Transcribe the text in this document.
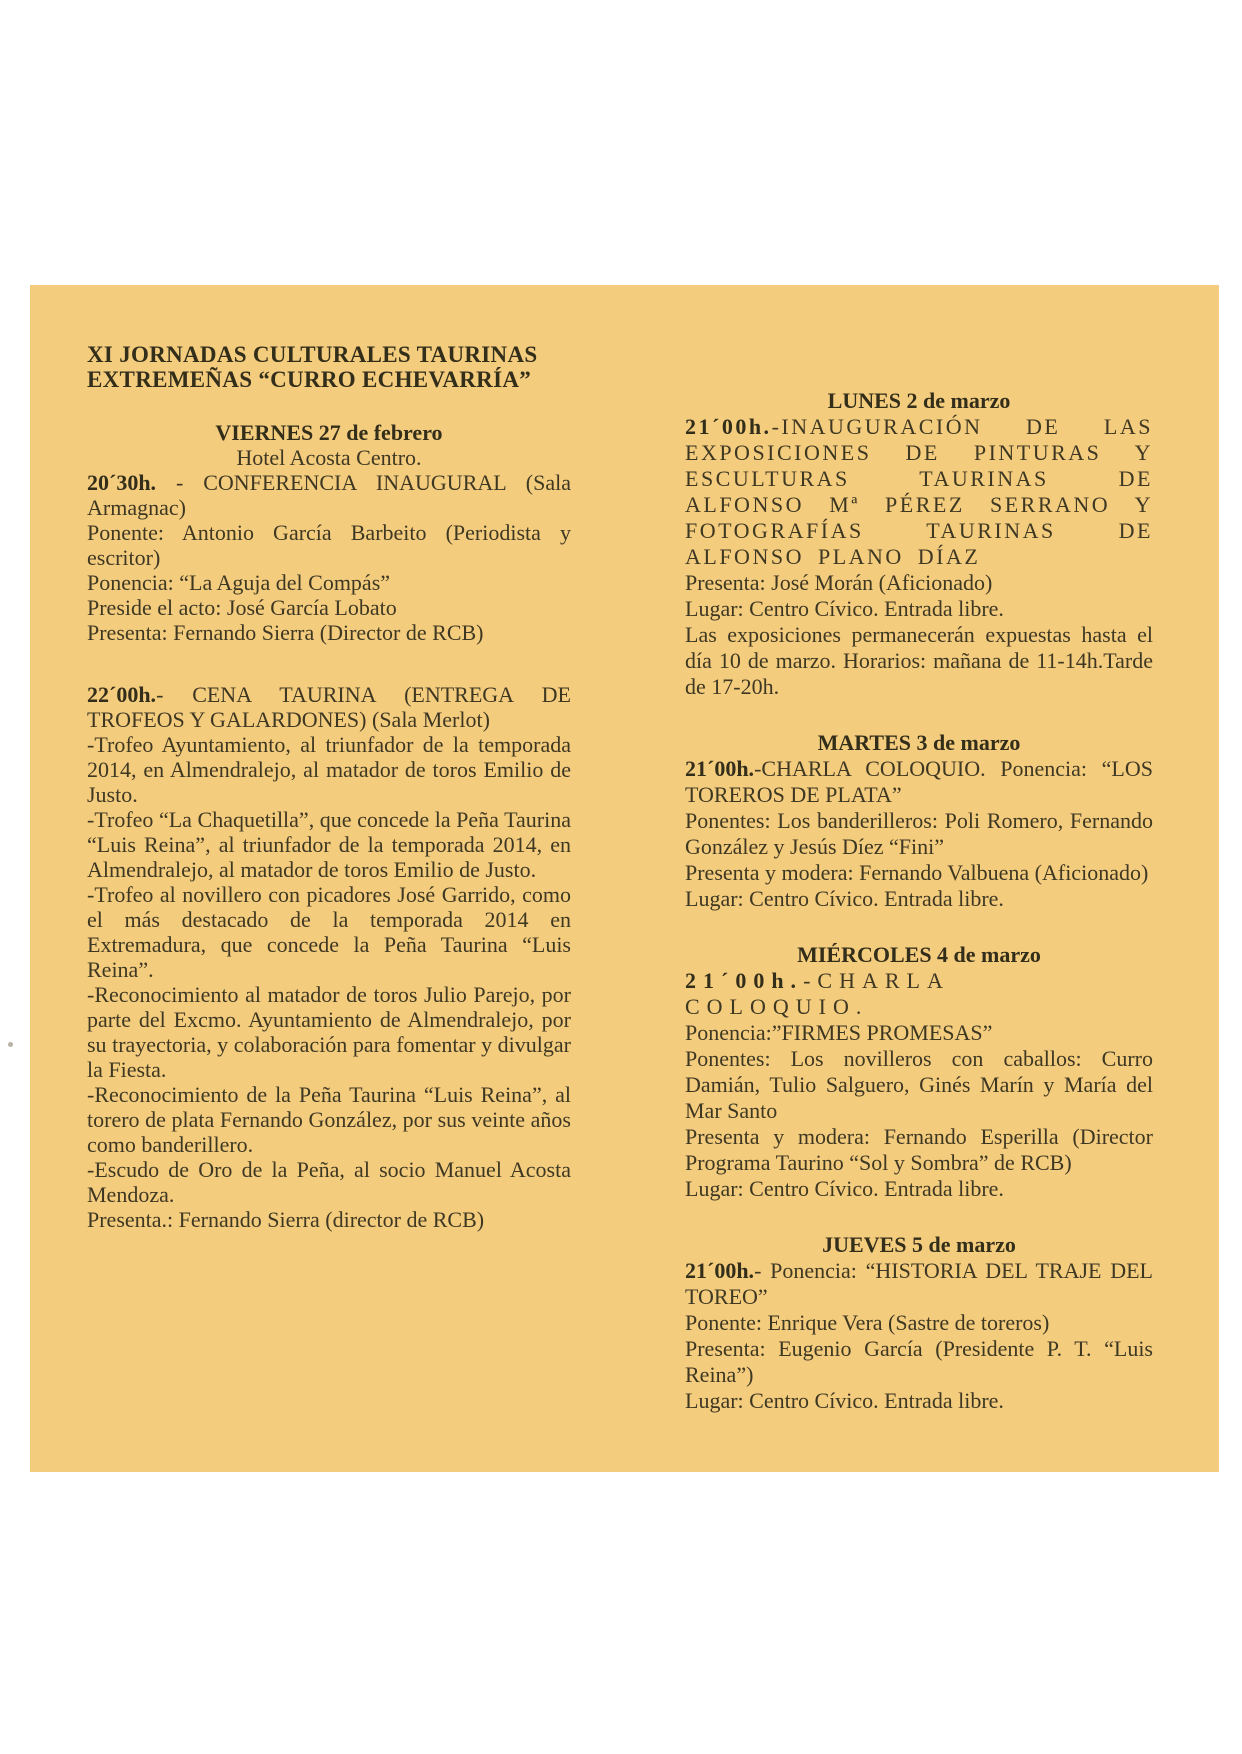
XI JORNADAS CULTURALES TAURINAS

EXTREMEÑAS “CURRO ECHEVARRÍA”

VIERNES 27 de febrero

Hotel Acosta Centro.

20´30h. - CONFERENCIA INAUGURAL (Sala Armagnac)

Ponente: Antonio García Barbeito (Periodista y escritor)

Ponencia: “La Aguja del Compás”

Preside el acto: José García Lobato

Presenta: Fernando Sierra (Director de RCB)

22´00h.- CENA TAURINA (ENTREGA DE TROFEOS Y GALARDONES) (Sala Merlot)

-Trofeo Ayuntamiento, al triunfador de la temporada 2014, en Almendralejo, al matador de toros Emilio de Justo.

-Trofeo “La Chaquetilla”, que concede la Peña Taurina “Luis Reina”, al triunfador de la temporada 2014, en Almendralejo, al matador de toros Emilio de Justo.

-Trofeo al novillero con picadores José Garrido, como el más destacado de la temporada 2014 en Extremadura, que concede la Peña Taurina “Luis Reina”.

-Reconocimiento al matador de toros Julio Parejo, por parte del Excmo. Ayuntamiento de Almendralejo, por su trayectoria, y colaboración para fomentar y divulgar la Fiesta.

-Reconocimiento de la Peña Taurina “Luis Reina”, al torero de plata Fernando González, por sus veinte años como banderillero.

-Escudo de Oro de la Peña, al socio Manuel Acosta Mendoza.

Presenta.: Fernando Sierra (director de RCB)

LUNES 2 de marzo

21´00h.-INAUGURACIÓN DE LAS EXPOSICIONES DE PINTURAS Y ESCULTURAS TAURINAS DE ALFONSO Mª PÉREZ SERRANO Y FOTOGRAFÍAS TAURINAS DE ALFONSO PLANO DÍAZ

Presenta: José Morán (Aficionado)

Lugar: Centro Cívico. Entrada libre.

Las exposiciones permanecerán expuestas hasta el día 10 de marzo. Horarios: mañana de 11-14h.Tarde de 17-20h.

MARTES 3 de marzo

21´00h.-CHARLA COLOQUIO. Ponencia: “LOS TOREROS DE PLATA”

Ponentes: Los banderilleros: Poli Romero, Fernando González y Jesús Díez “Fini”

Presenta y modera: Fernando Valbuena (Aficionado)

Lugar: Centro Cívico. Entrada libre.

MIÉRCOLES 4 de marzo

21´00h.-CHARLA COLOQUIO.

Ponencia:”FIRMES PROMESAS”

Ponentes: Los novilleros con caballos: Curro Damián, Tulio Salguero, Ginés Marín y María del Mar Santo

Presenta y modera: Fernando Esperilla (Director Programa Taurino “Sol y Sombra” de RCB)

Lugar: Centro Cívico. Entrada libre.

JUEVES 5 de marzo

21´00h.- Ponencia: “HISTORIA DEL TRAJE DEL TOREO”

Ponente: Enrique Vera (Sastre de toreros)

Presenta: Eugenio García (Presidente P. T. “Luis Reina”)

Lugar: Centro Cívico. Entrada libre.
